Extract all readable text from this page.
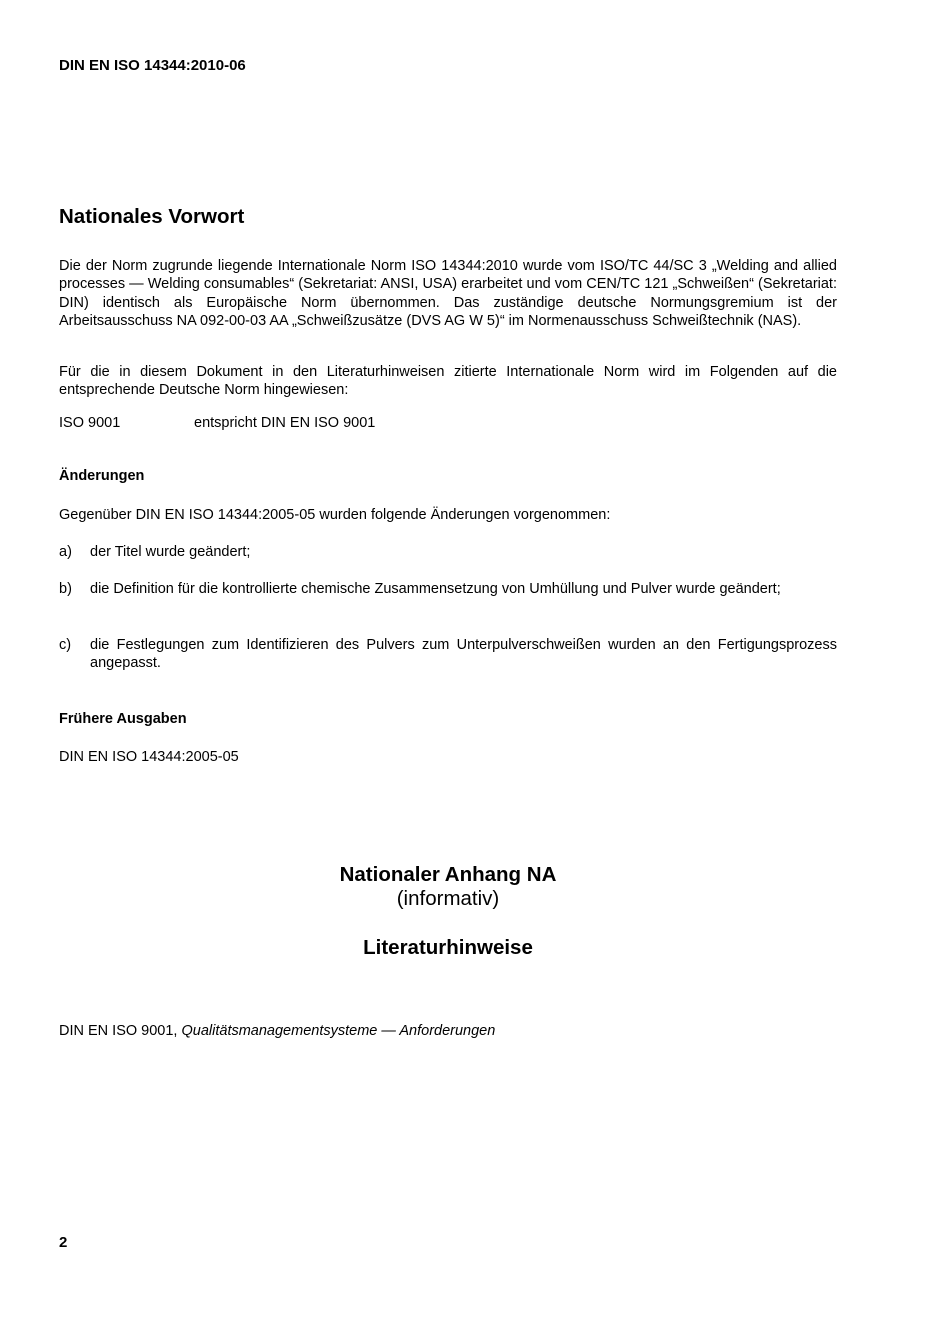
DIN EN ISO 14344:2010-06
Nationales Vorwort
Die der Norm zugrunde liegende Internationale Norm ISO 14344:2010 wurde vom ISO/TC 44/SC 3 „Welding and allied processes — Welding consumables“ (Sekretariat: ANSI, USA) erarbeitet und vom CEN/TC 121 „Schweißen“ (Sekretariat: DIN) identisch als Europäische Norm übernommen. Das zuständige deutsche Normungsgremium ist der Arbeitsausschuss NA 092-00-03 AA „Schweißzusätze (DVS AG W 5)“ im Normenausschuss Schweißtechnik (NAS).
Für die in diesem Dokument in den Literaturhinweisen zitierte Internationale Norm wird im Folgenden auf die entsprechende Deutsche Norm hingewiesen:
ISO 9001	entspricht DIN EN ISO 9001
Änderungen
Gegenüber DIN EN ISO 14344:2005-05 wurden folgende Änderungen vorgenommen:
a) der Titel wurde geändert;
b) die Definition für die kontrollierte chemische Zusammensetzung von Umhüllung und Pulver wurde geändert;
c) die Festlegungen zum Identifizieren des Pulvers zum Unterpulverschweißen wurden an den Fertigungsprozess angepasst.
Frühere Ausgaben
DIN EN ISO 14344:2005-05
Nationaler Anhang NA
(informativ)
Literaturhinweise
DIN EN ISO 9001, Qualitätsmanagementsysteme — Anforderungen
2
